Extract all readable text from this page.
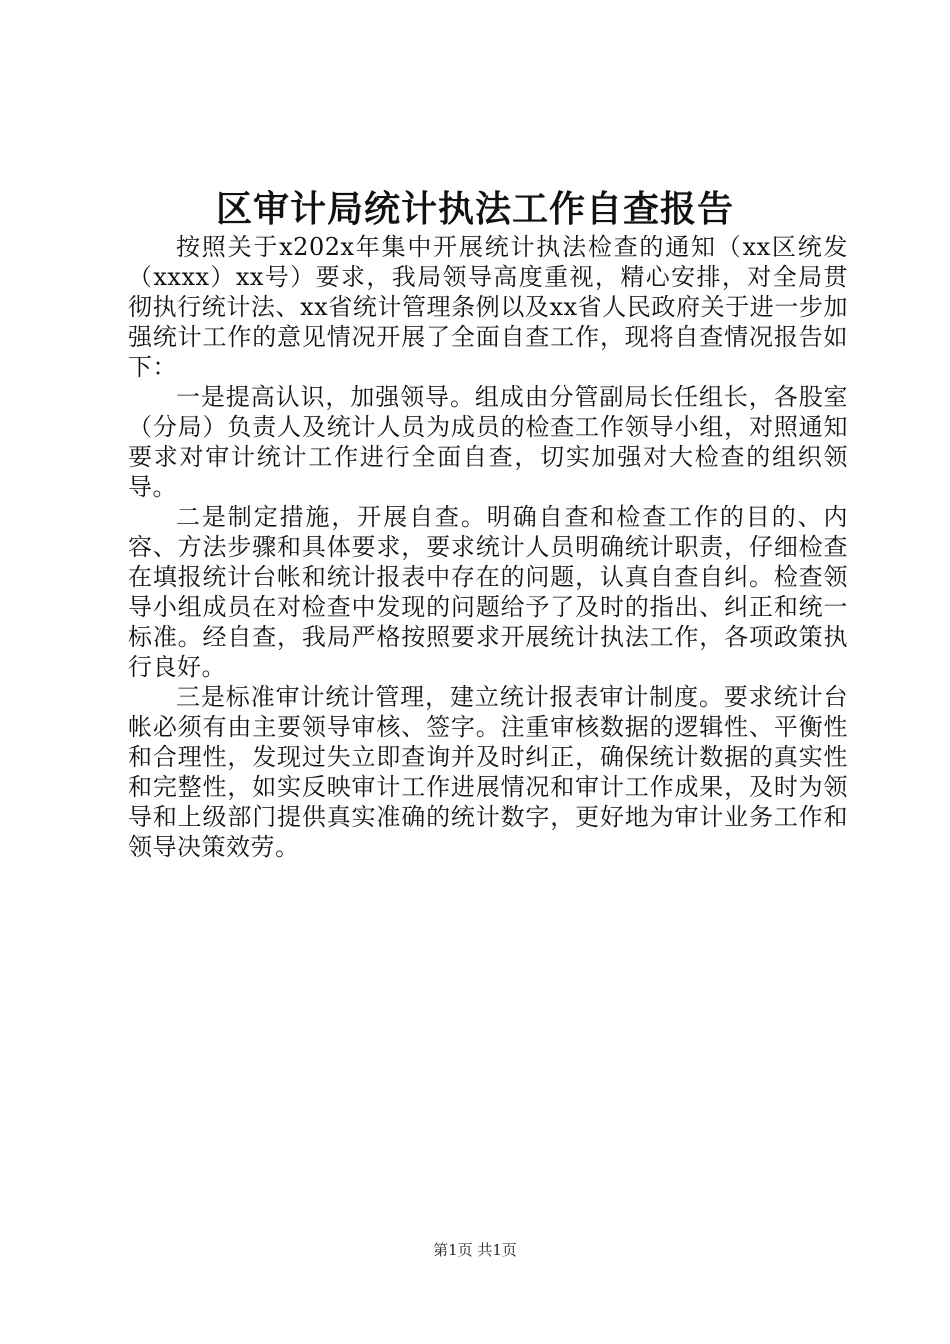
区审计局统计执法工作自查报告

按照关于x202x年集中开展统计执法检查的通知（xx区统发（xxxx）xx号）要求，我局领导高度重视，精心安排，对全局贯彻执行统计法、xx省统计管理条例以及xx省人民政府关于进一步加强统计工作的意见情况开展了全面自查工作，现将自查情况报告如下：

一是提高认识，加强领导。组成由分管副局长任组长，各股室（分局）负责人及统计人员为成员的检查工作领导小组，对照通知要求对审计统计工作进行全面自查，切实加强对大检查的组织领导。

二是制定措施，开展自查。明确自查和检查工作的目的、内容、方法步骤和具体要求，要求统计人员明确统计职责，仔细检查在填报统计台帐和统计报表中存在的问题，认真自查自纠。检查领导小组成员在对检查中发现的问题给予了及时的指出、纠正和统一标准。经自查，我局严格按照要求开展统计执法工作，各项政策执行良好。

三是标准审计统计管理，建立统计报表审计制度。要求统计台帐必须有由主要领导审核、签字。注重审核数据的逻辑性、平衡性和合理性，发现过失立即查询并及时纠正，确保统计数据的真实性和完整性，如实反映审计工作进展情况和审计工作成果，及时为领导和上级部门提供真实准确的统计数字，更好地为审计业务工作和领导决策效劳。

第1页 共1页
